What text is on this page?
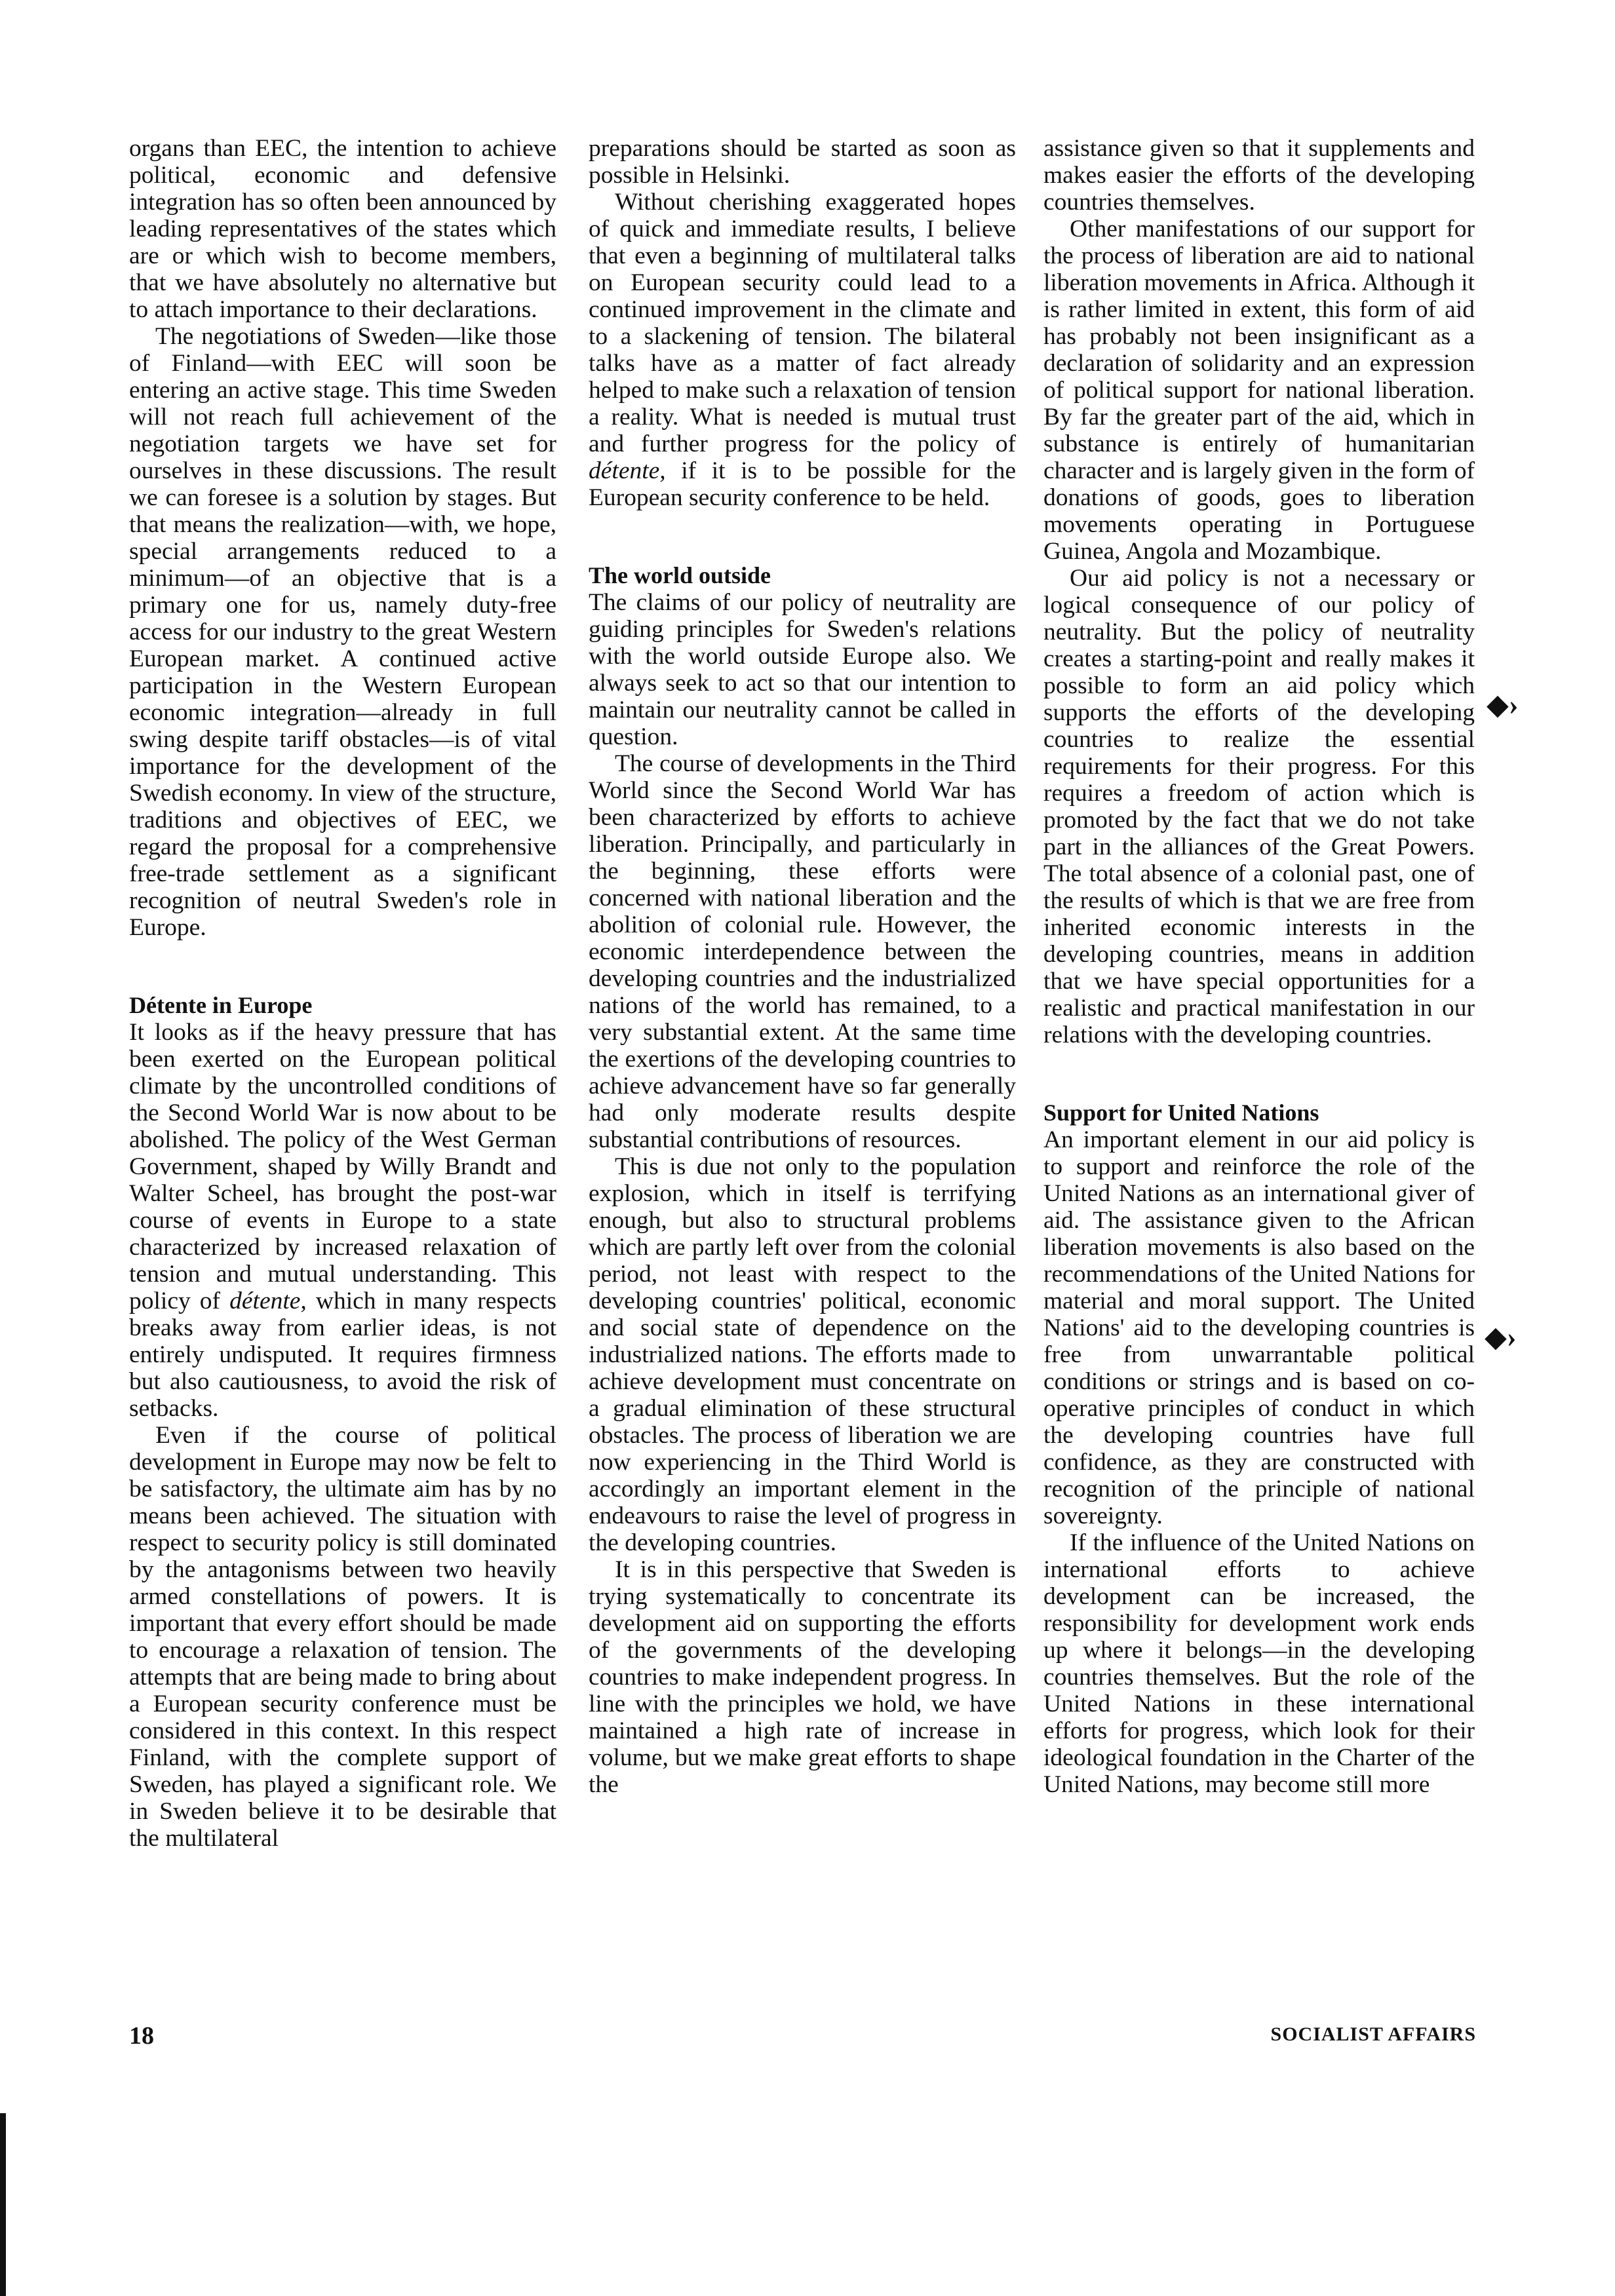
organs than EEC, the intention to achieve political, economic and defensive integration has so often been announced by leading representatives of the states which are or which wish to become members, that we have absolutely no alternative but to attach importance to their declarations.

The negotiations of Sweden—like those of Finland—with EEC will soon be entering an active stage. This time Sweden will not reach full achievement of the negotiation targets we have set for ourselves in these discussions. The result we can foresee is a solution by stages. But that means the realization—with, we hope, special arrangements reduced to a minimum—of an objective that is a primary one for us, namely duty-free access for our industry to the great Western European market. A continued active participation in the Western European economic integration—already in full swing despite tariff obstacles—is of vital importance for the development of the Swedish economy. In view of the structure, traditions and objectives of EEC, we regard the proposal for a comprehensive free-trade settlement as a significant recognition of neutral Sweden's role in Europe.

Détente in Europe

It looks as if the heavy pressure that has been exerted on the European political climate by the uncontrolled conditions of the Second World War is now about to be abolished. The policy of the West German Government, shaped by Willy Brandt and Walter Scheel, has brought the post-war course of events in Europe to a state characterized by increased relaxation of tension and mutual understanding. This policy of détente, which in many respects breaks away from earlier ideas, is not entirely undisputed. It requires firmness but also cautiousness, to avoid the risk of setbacks.

Even if the course of political development in Europe may now be felt to be satisfactory, the ultimate aim has by no means been achieved. The situation with respect to security policy is still dominated by the antagonisms between two heavily armed constellations of powers. It is important that every effort should be made to encourage a relaxation of tension. The attempts that are being made to bring about a European security conference must be considered in this context. In this respect Finland, with the complete support of Sweden, has played a significant role. We in Sweden believe it to be desirable that the multilateral

preparations should be started as soon as possible in Helsinki.

Without cherishing exaggerated hopes of quick and immediate results, I believe that even a beginning of multilateral talks on European security could lead to a continued improvement in the climate and to a slackening of tension. The bilateral talks have as a matter of fact already helped to make such a relaxation of tension a reality. What is needed is mutual trust and further progress for the policy of détente, if it is to be possible for the European security conference to be held.

The world outside

The claims of our policy of neutrality are guiding principles for Sweden's relations with the world outside Europe also. We always seek to act so that our intention to maintain our neutrality cannot be called in question.

The course of developments in the Third World since the Second World War has been characterized by efforts to achieve liberation. Principally, and particularly in the beginning, these efforts were concerned with national liberation and the abolition of colonial rule. However, the economic interdependence between the developing countries and the industrialized nations of the world has remained, to a very substantial extent. At the same time the exertions of the developing countries to achieve advancement have so far generally had only moderate results despite substantial contributions of resources.

This is due not only to the population explosion, which in itself is terrifying enough, but also to structural problems which are partly left over from the colonial period, not least with respect to the developing countries' political, economic and social state of dependence on the industrialized nations. The efforts made to achieve development must concentrate on a gradual elimination of these structural obstacles. The process of liberation we are now experiencing in the Third World is accordingly an important element in the endeavours to raise the level of progress in the developing countries.

It is in this perspective that Sweden is trying systematically to concentrate its development aid on supporting the efforts of the governments of the developing countries to make independent progress. In line with the principles we hold, we have maintained a high rate of increase in volume, but we make great efforts to shape the

assistance given so that it supplements and makes easier the efforts of the developing countries themselves.

Other manifestations of our support for the process of liberation are aid to national liberation movements in Africa. Although it is rather limited in extent, this form of aid has probably not been insignificant as a declaration of solidarity and an expression of political support for national liberation. By far the greater part of the aid, which in substance is entirely of humanitarian character and is largely given in the form of donations of goods, goes to liberation movements operating in Portuguese Guinea, Angola and Mozambique.

Our aid policy is not a necessary or logical consequence of our policy of neutrality. But the policy of neutrality creates a starting-point and really makes it possible to form an aid policy which supports the efforts of the developing countries to realize the essential requirements for their progress. For this requires a freedom of action which is promoted by the fact that we do not take part in the alliances of the Great Powers. The total absence of a colonial past, one of the results of which is that we are free from inherited economic interests in the developing countries, means in addition that we have special opportunities for a realistic and practical manifestation in our relations with the developing countries.

Support for United Nations

An important element in our aid policy is to support and reinforce the role of the United Nations as an international giver of aid. The assistance given to the African liberation movements is also based on the recommendations of the United Nations for material and moral support. The United Nations' aid to the developing countries is free from unwarrantable political conditions or strings and is based on co-operative principles of conduct in which the developing countries have full confidence, as they are constructed with recognition of the principle of national sovereignty.

If the influence of the United Nations on international efforts to achieve development can be increased, the responsibility for development work ends up where it belongs—in the developing countries themselves. But the role of the United Nations in these international efforts for progress, which look for their ideological foundation in the Charter of the United Nations, may become still more

◆›
◆›
18	SOCIALIST AFFAIRS
